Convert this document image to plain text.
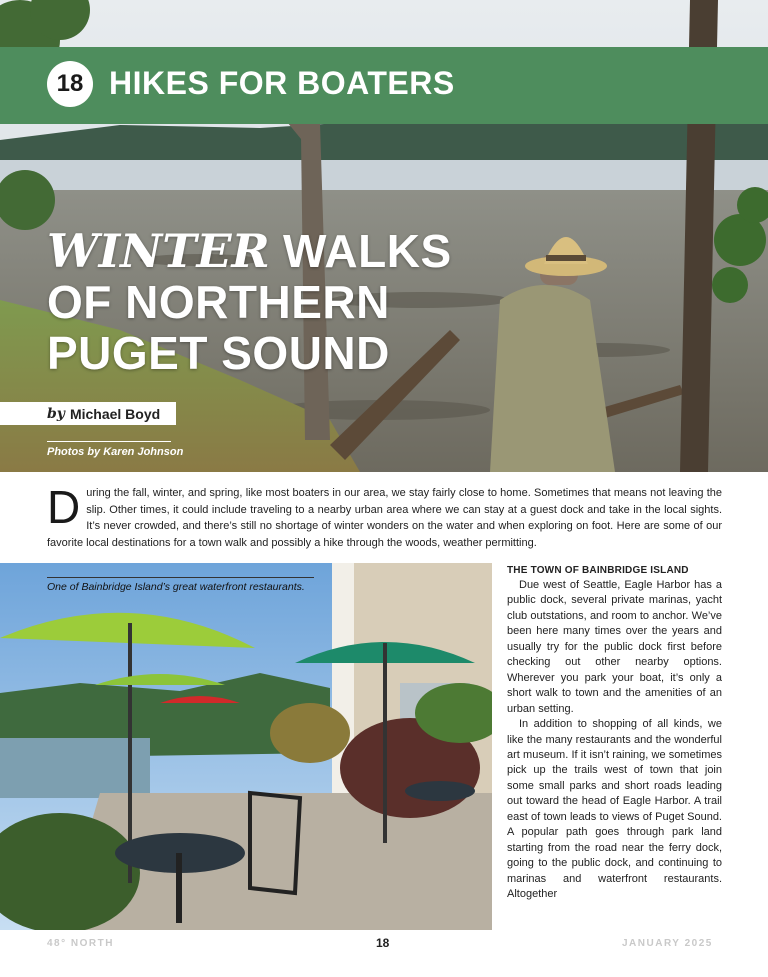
18 HIKES FOR BOATERS
WINTER WALKS
OF NORTHERN
PUGET SOUND
by Michael Boyd
Photos by Karen Johnson
During the fall, winter, and spring, like most boaters in our area, we stay fairly close to home. Sometimes that means not leaving the slip. Other times, it could include traveling to a nearby urban area where we can stay at a guest dock and take in the local sights. It’s never crowded, and there’s still no shortage of winter wonders on the water and when exploring on foot. Here are some of our favorite local destinations for a town walk and possibly a hike through the woods, weather permitting.
One of Bainbridge Island’s great waterfront restaurants.
THE TOWN OF BAINBRIDGE ISLAND

Due west of Seattle, Eagle Harbor has a public dock, several private marinas, yacht club outstations, and room to anchor. We’ve been here many times over the years and usually try for the public dock first before checking out other nearby options. Wherever you park your boat, it’s only a short walk to town and the amenities of an urban setting.

In addition to shopping of all kinds, we like the many restaurants and the wonderful art museum. If it isn’t raining, we sometimes pick up the trails west of town that join some small parks and short roads leading out toward the head of Eagle Harbor. A trail east of town leads to views of Puget Sound. A popular path goes through park land starting from the road near the ferry dock, going to the public dock, and continuing to marinas and waterfront restaurants. Altogether

48° NORTH	18	JANUARY 2025
